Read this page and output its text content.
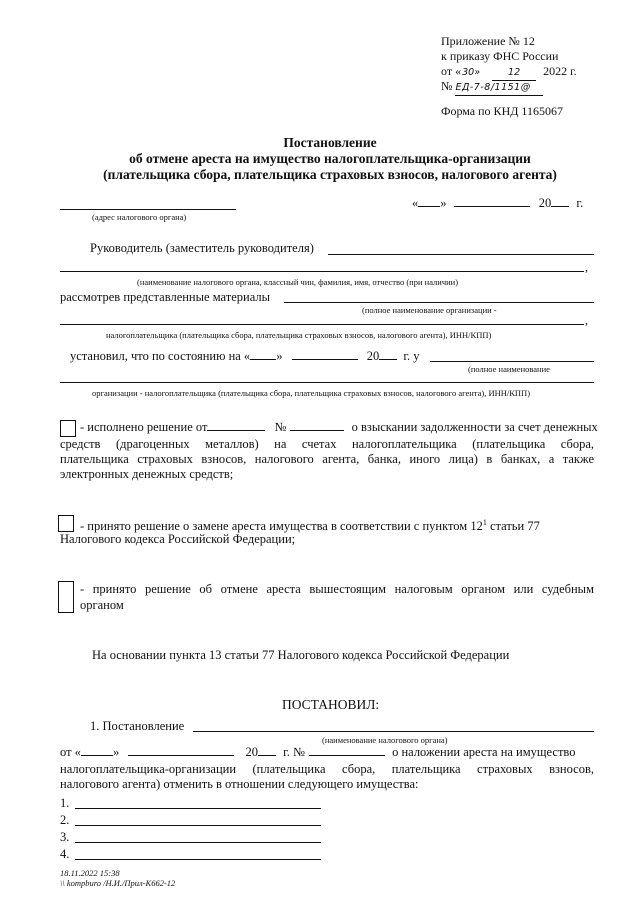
Приложение № 12
к приказу ФНС России
от «30»	12 2022 г.
№ ЕД-7-8/1151@
Форма по КНД 1165067
Постановление
об отмене ареста на имущество налогоплательщика-организации
(плательщика сбора, плательщика страховых взносов, налогового агента)
(адрес налогового органа)
« »	20 г.
Руководитель (заместитель руководителя)
,
(наименование налогового органа, классный чин, фамилия, имя, отчество (при наличии)
рассмотрев представленные материалы
(полное наименование организации -
,
налогоплательщика (плательщика сбора, плательщика страховых взносов, налогового агента), ИНН/КПП)
установил, что по состоянию на « »	20 г. у
(полное наименование
организации - налогоплательщика (плательщика сбора, плательщика страховых взносов, налогового агента), ИНН/КПП)
- исполнено решение от	№	о взыскании задолженности за счет денежных
средств (драгоценных металлов) на счетах налогоплательщика (плательщика сбора,
плательщика страховых взносов, налогового агента, банка, иного лица) в банках, а также
электронных денежных средств;
- принято решение о замене ареста имущества в соответствии с пунктом $12^1$ статьи 77
Налогового кодекса Российской Федерации;
- принято решение об отмене ареста вышестоящим налоговым органом или судебным
органом
На основании пункта 13 статьи 77 Налогового кодекса Российской Федерации
ПОСТАНОВИЛ:
1. Постановление
(наименование налогового органа)
от «	»	20 г. №	о наложении ареста на имущество
налогоплательщика-организации (плательщика сбора, плательщика страховых взносов,
налогового агента) отменить в отношении следующего имущества:
1.
2.
3.
4.
18.11.2022 15:38
\\ kompburo /Н.И./Прил-К662-12
